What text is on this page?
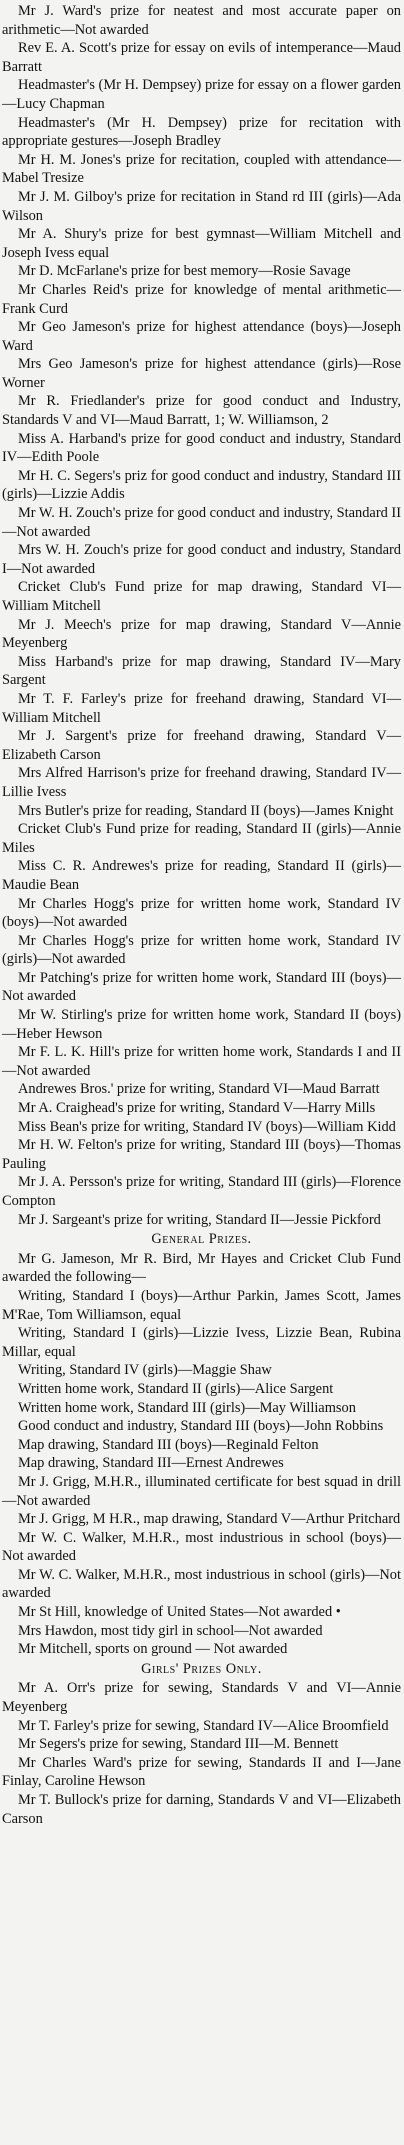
Mr J. Ward's prize for neatest and most accurate paper on arithmetic—Not awarded

Rev E. A. Scott's prize for essay on evils of intemperance—Maud Barratt

Headmaster's (Mr H. Dempsey) prize for essay on a flower garden—Lucy Chapman

Headmaster's (Mr H. Dempsey) prize for recitation with appropriate gestures—Joseph Bradley

Mr H. M. Jones's prize for recitation, coupled with attendance—Mabel Tresize

Mr J. M. Gilboy's prize for recitation in Stand rd III (girls)—Ada Wilson

Mr A. Shury's prize for best gymnast—William Mitchell and Joseph Ivess equal

Mr D. McFarlane's prize for best memory—Rosie Savage

Mr Charles Reid's prize for knowledge of mental arithmetic—Frank Curd

Mr Geo Jameson's prize for highest attendance (boys)—Joseph Ward

Mrs Geo Jameson's prize for highest attendance (girls)—Rose Worner

Mr R. Friedlander's prize for good conduct and Industry, Standards V and VI—Maud Barratt, 1; W. Williamson, 2

Miss A. Harband's prize for good conduct and industry, Standard IV—Edith Poole

Mr H. C. Segers's priz for good conduct and industry, Standard III (girls)—Lizzie Addis

Mr W. H. Zouch's prize for good conduct and industry, Standard II—Not awarded

Mrs W. H. Zouch's prize for good conduct and industry, Standard I—Not awarded

Cricket Club's Fund prize for map drawing, Standard VI—William Mitchell

Mr J. Meech's prize for map drawing, Standard V—Annie Meyenberg

Miss Harband's prize for map drawing, Standard IV—Mary Sargent

Mr T. F. Farley's prize for freehand drawing, Standard VI—William Mitchell

Mr J. Sargent's prize for freehand drawing, Standard V—Elizabeth Carson

Mrs Alfred Harrison's prize for freehand drawing, Standard IV—Lillie Ivess

Mrs Butler's prize for reading, Standard II (boys)—James Knight

Cricket Club's Fund prize for reading, Standard II (girls)—Annie Miles

Miss C. R. Andrewes's prize for reading, Standard II (girls)—Maudie Bean

Mr Charles Hogg's prize for written home work, Standard IV (boys)—Not awarded

Mr Charles Hogg's prize for written home work, Standard IV (girls)—Not awarded

Mr Patching's prize for written home work, Standard III (boys)—Not awarded

Mr W. Stirling's prize for written home work, Standard II (boys)—Heber Hewson

Mr F. L. K. Hill's prize for written home work, Standards I and II—Not awarded

Andrewes Bros.' prize for writing, Standard VI—Maud Barratt

Mr A. Craighead's prize for writing, Standard V—Harry Mills

Miss Bean's prize for writing, Standard IV (boys)—William Kidd

Mr H. W. Felton's prize for writing, Standard III (boys)—Thomas Pauling

Mr J. A. Persson's prize for writing, Standard III (girls)—Florence Compton

Mr J. Sargeant's prize for writing, Standard II—Jessie Pickford

General Prizes.

Mr G. Jameson, Mr R. Bird, Mr Hayes and Cricket Club Fund awarded the following—

Writing, Standard I (boys)—Arthur Parkin, James Scott, James M'Rae, Tom Williamson, equal

Writing, Standard I (girls)—Lizzie Ivess, Lizzie Bean, Rubina Millar, equal

Writing, Standard IV (girls)—Maggie Shaw

Written home work, Standard II (girls)—Alice Sargent

Written home work, Standard III (girls)—May Williamson

Good conduct and industry, Standard III (boys)—John Robbins

Map drawing, Standard III (boys)—Reginald Felton

Map drawing, Standard III—Ernest Andrewes

Mr J. Grigg, M.H.R., illuminated certificate for best squad in drill—Not awarded

Mr J. Grigg, M H.R., map drawing, Standard V—Arthur Pritchard

Mr W. C. Walker, M.H.R., most industrious in school (boys)—Not awarded

Mr W. C. Walker, M.H.R., most industrious in school (girls)—Not awarded

Mr St Hill, knowledge of United States—Not awarded •

Mrs Hawdon, most tidy girl in school—Not awarded

Mr Mitchell, sports on ground — Not awarded

Girls' Prizes Only.

Mr A. Orr's prize for sewing, Standards V and VI—Annie Meyenberg

Mr T. Farley's prize for sewing, Standard IV—Alice Broomfield

Mr Segers's prize for sewing, Standard III—M. Bennett

Mr Charles Ward's prize for sewing, Standards II and I—Jane Finlay, Caroline Hewson

Mr T. Bullock's prize for darning, Standards V and VI—Elizabeth Carson
